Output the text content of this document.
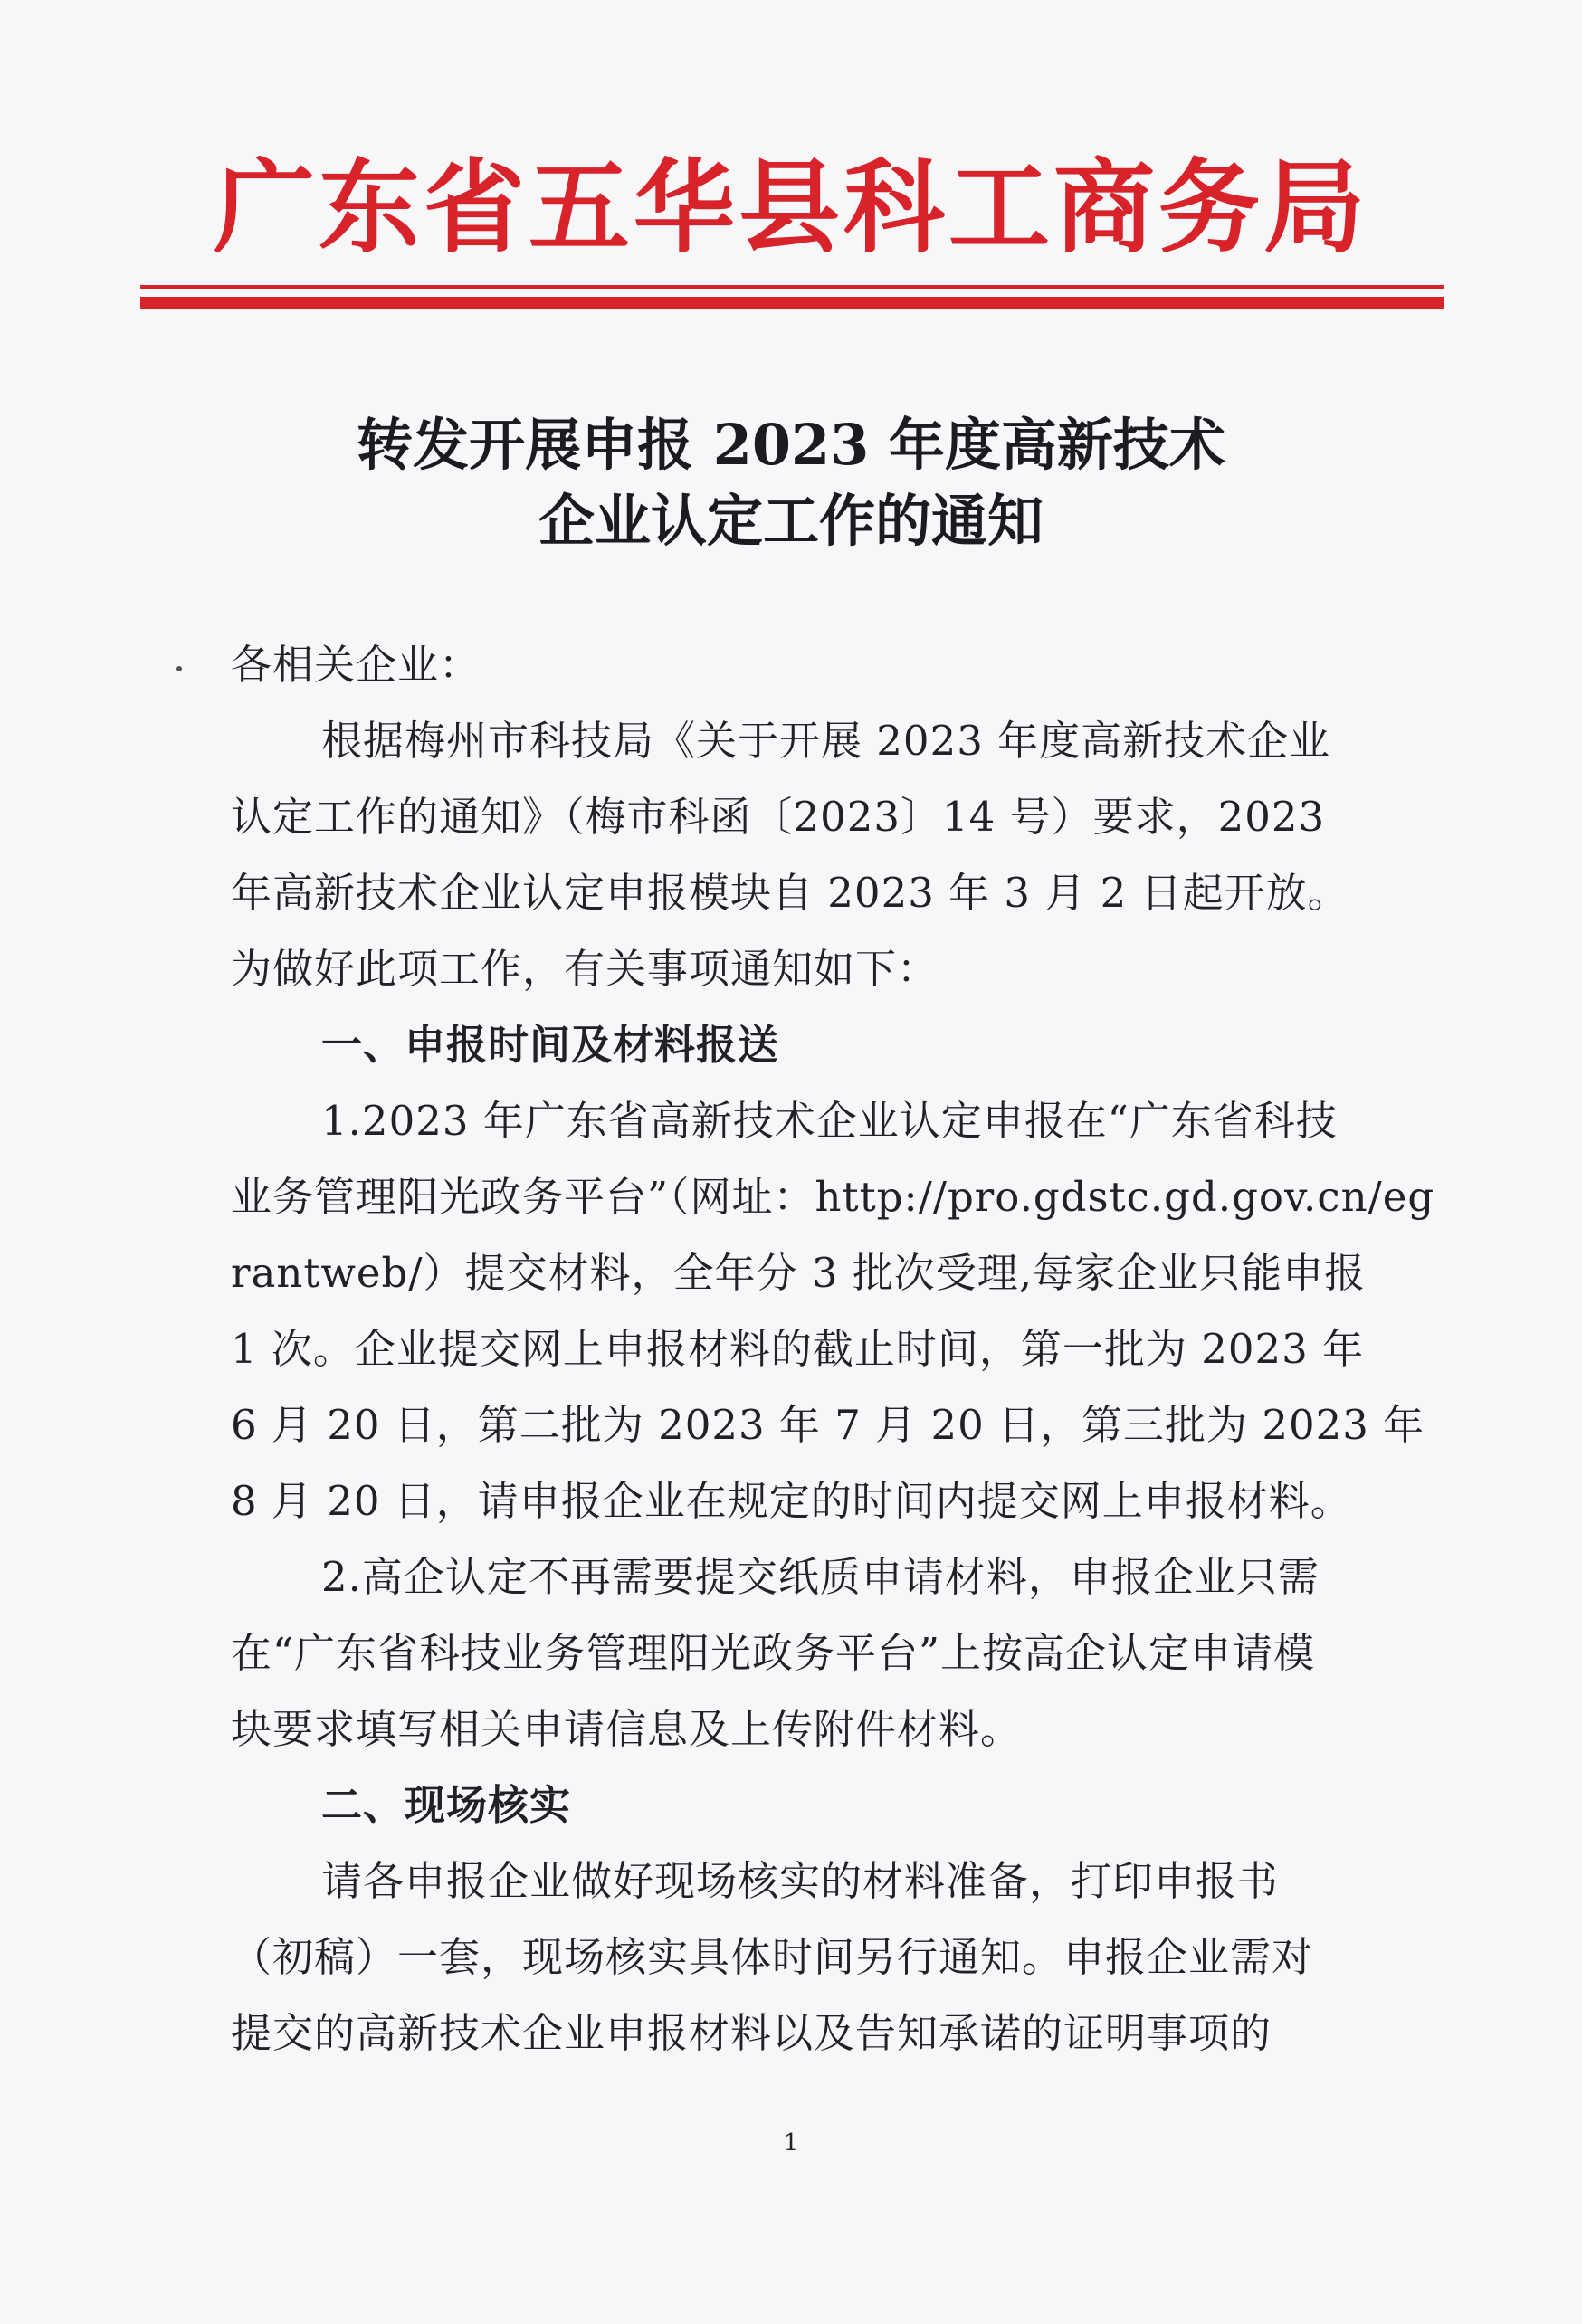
广东省五华县科工商务局
转发开展申报 2023 年度高新技术
企业认定工作的通知
各相关企业：
根据梅州市科技局《关于开展 2023 年度高新技术企业
认定工作的通知》（梅市科函〔2023〕14 号）要求，2023
年高新技术企业认定申报模块自 2023 年 3 月 2 日起开放。
为做好此项工作，有关事项通知如下：
一、申报时间及材料报送
1.2023 年广东省高新技术企业认定申报在“广东省科技
业务管理阳光政务平台”（网址：http://pro.gdstc.gd.gov.cn/eg
rantweb/）提交材料，全年分 3 批次受理,每家企业只能申报
1 次。企业提交网上申报材料的截止时间，第一批为 2023 年
6 月 20 日，第二批为 2023 年 7 月 20 日，第三批为 2023 年
8 月 20 日，请申报企业在规定的时间内提交网上申报材料。
2.高企认定不再需要提交纸质申请材料，申报企业只需
在“广东省科技业务管理阳光政务平台”上按高企认定申请模
块要求填写相关申请信息及上传附件材料。
二、现场核实
请各申报企业做好现场核实的材料准备，打印申报书
（初稿）一套，现场核实具体时间另行通知。申报企业需对
提交的高新技术企业申报材料以及告知承诺的证明事项的
1
